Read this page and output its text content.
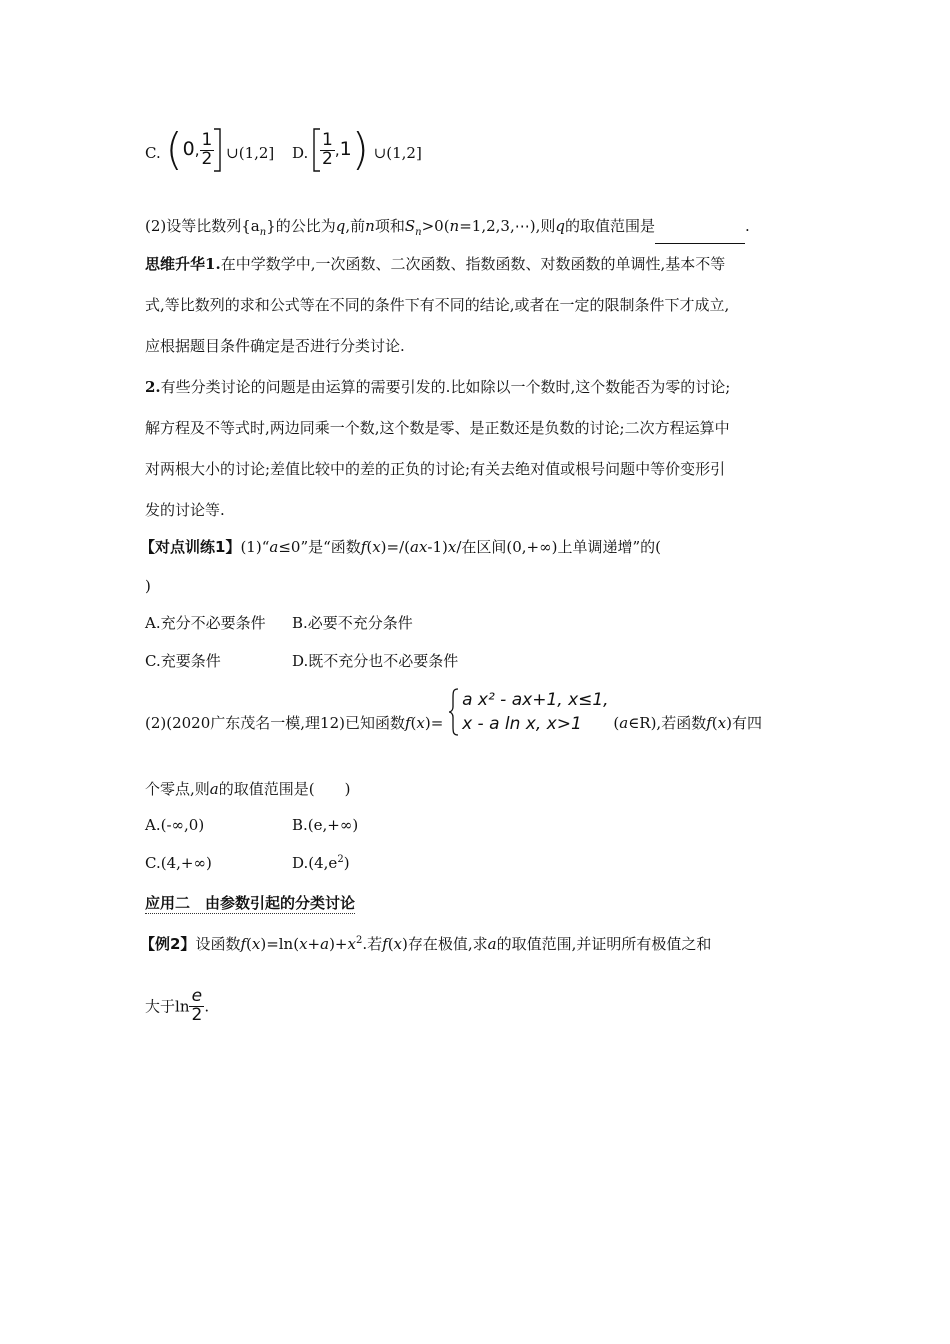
C. (0, $\frac{1}{2}$ ∪(1,2] D. $\frac{1}{2} ,1$) ∪(1,2]
(2)设等比数列$\{a_n\}$的公比为q,前n项和$S_n>0(n=1,2,3,\cdots)$,则q的取值范围是	.
思维升华1.在中学数学中,一次函数、二次函数、指数函数、对数函数的单调性,基本不等
式,等比数列的求和公式等在不同的条件下有不同的结论,或者在一定的限制条件下才成立,
应根据题目条件确定是否进行分类讨论.
2.有些分类讨论的问题是由运算的需要引发的.比如除以一个数时,这个数能否为零的讨论;
解方程及不等式时,两边同乘一个数,这个数是零、是正数还是负数的讨论;二次方程运算中
对两根大小的讨论;差值比较中的差的正负的讨论;有关去绝对值或根号问题中等价变形引
发的讨论等.
【对点训练1】(1)“a≤0”是“函数f(x)=/(ax-1)x/在区间(0,+∞)上单调递增”的(
)
A.充分不必要条件 B.必要不充分条件
C.充要条件	D.既不充分也不必要条件
(2)(2020广东茂名一模,理12)已知函数f(x)=
a x² - ax+1, x≤1,
x - a ln x, x>1	(a∈R),若函数f(x)有四
个零点,则a的取值范围是(　　)
A.(-∞,0)	B.(e,+∞)
C.(4,+∞)	$D.(4,e^2)$
应用二　由参数引起的分类讨论
【例2】设函数$f(x)=\ln(x+a)+x^2$.若f(x)存在极值,求a的取值范围,并证明所有极值之和
大于$\ln \frac{e}{2}$ .
